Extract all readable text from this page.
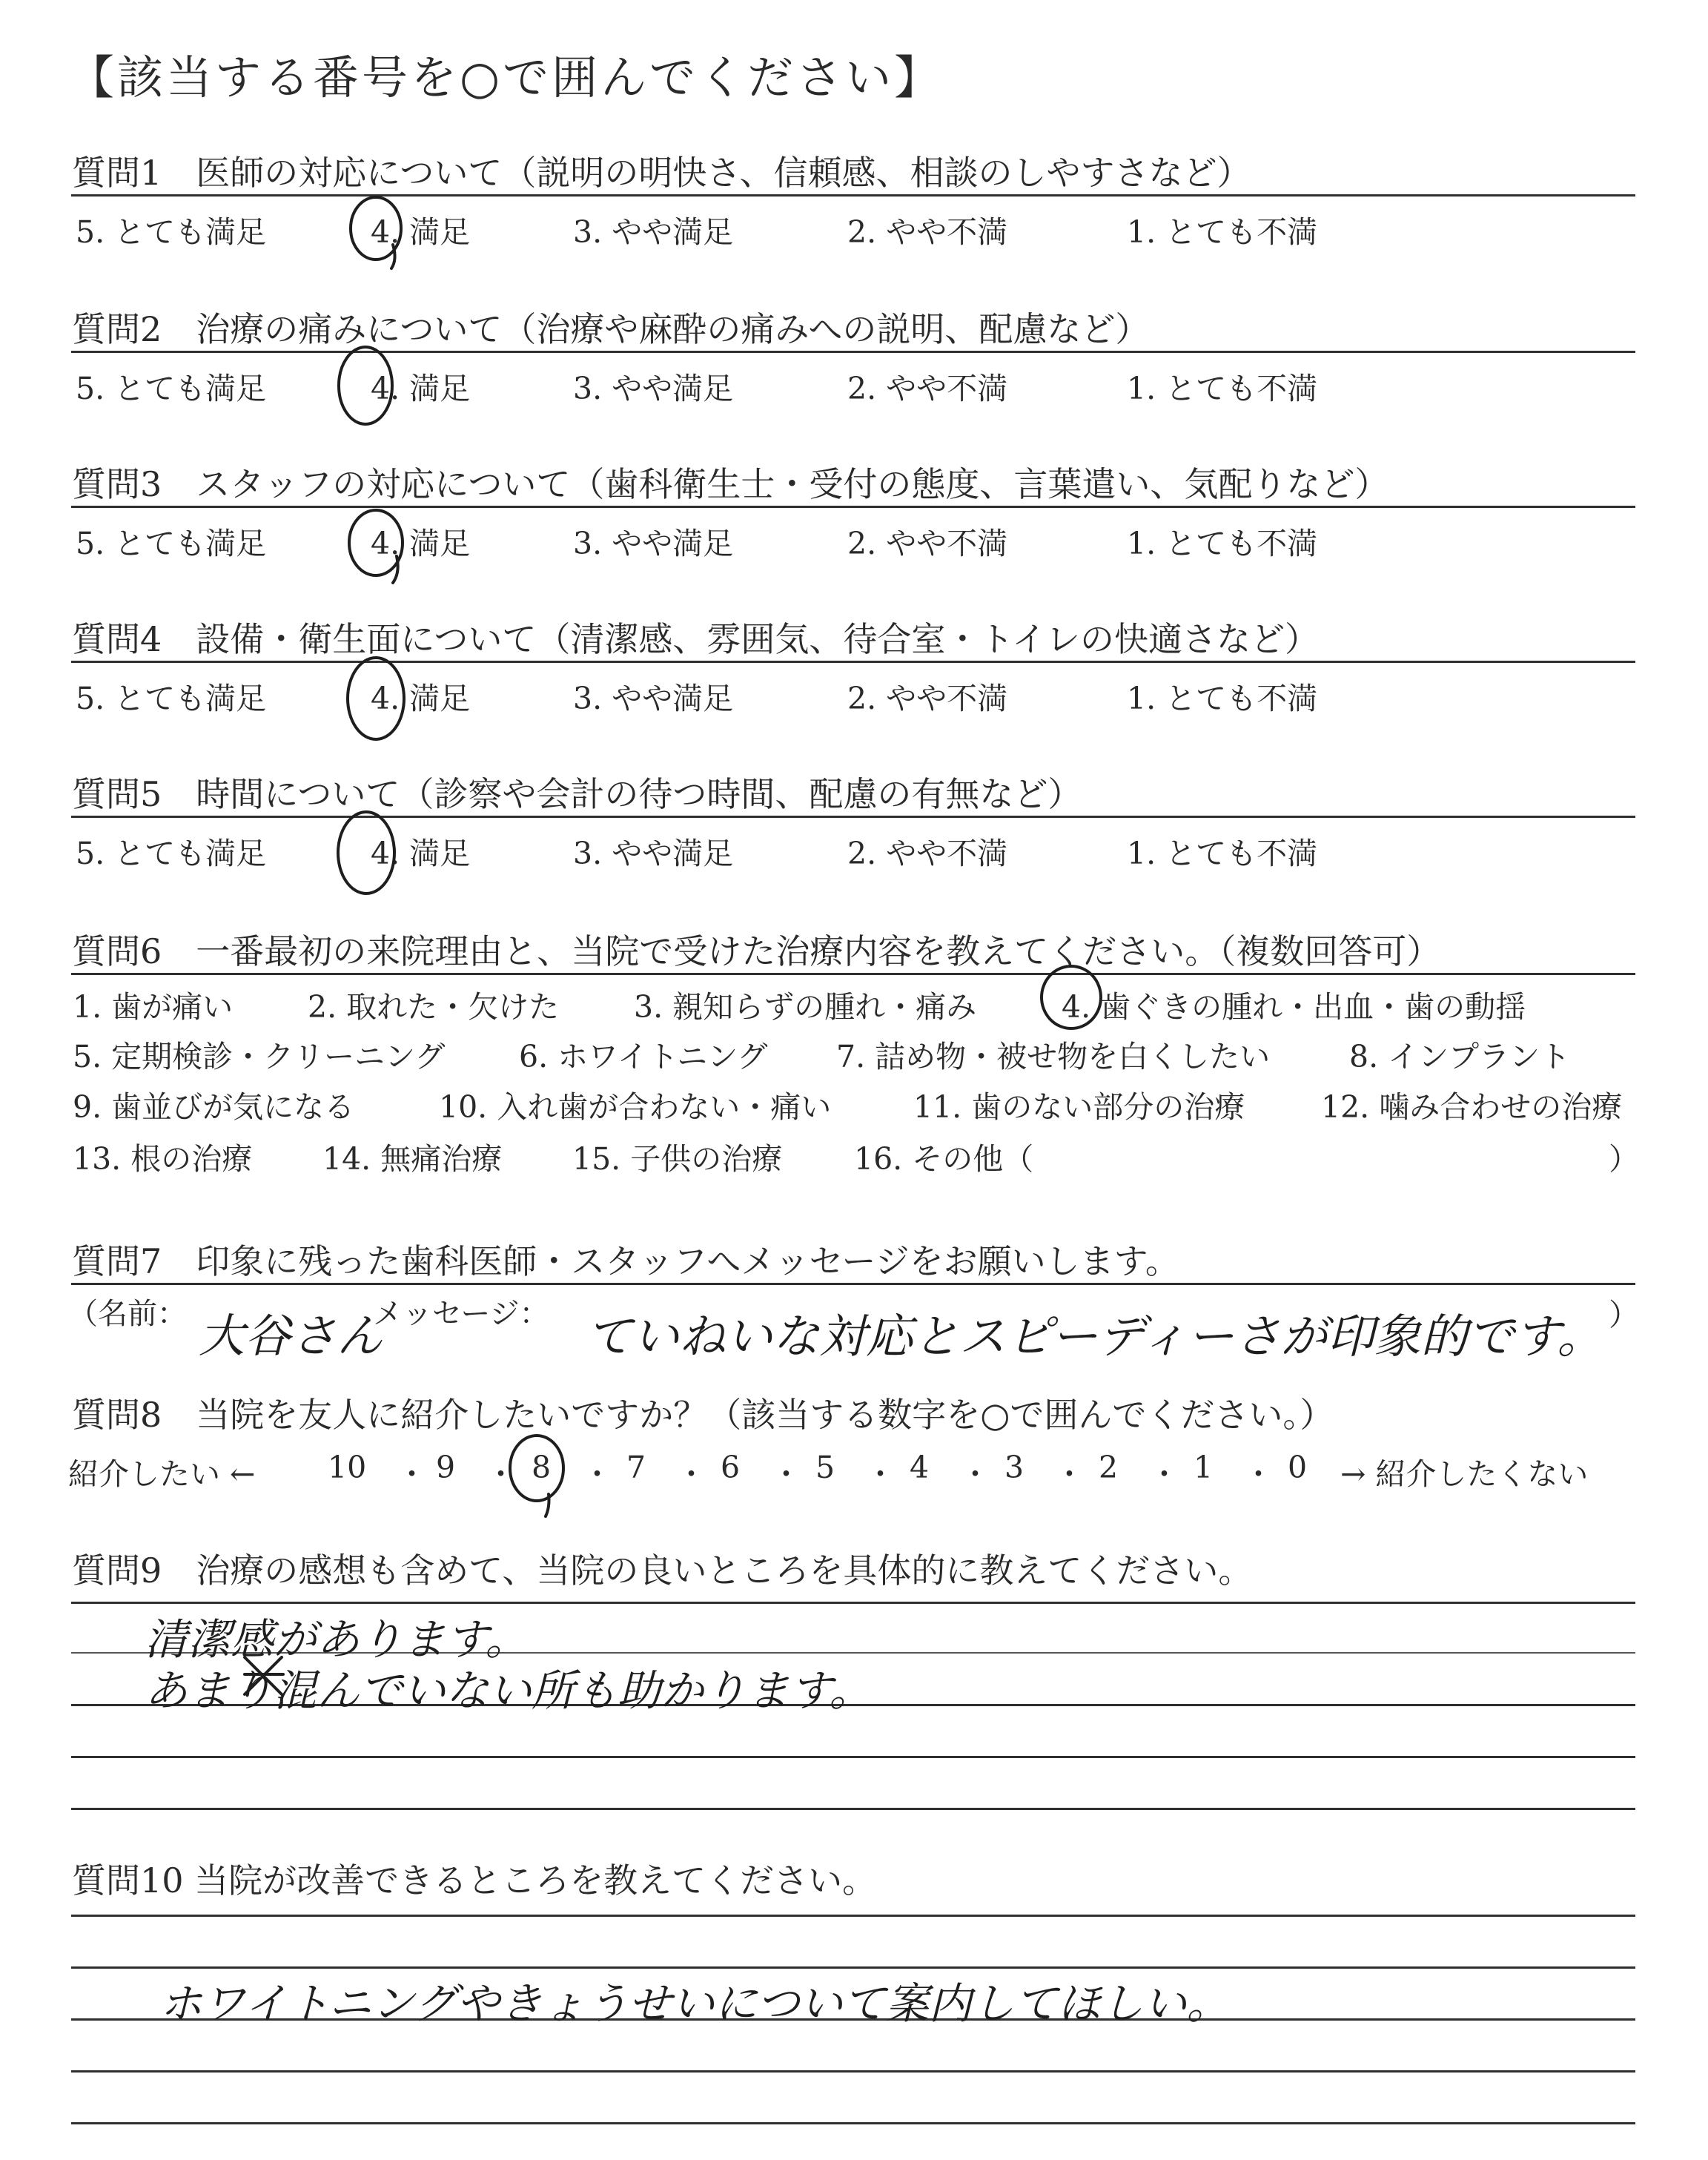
【該当する番号を○で囲んでください】
質問1　医師の対応について（説明の明快さ、信頼感、相談のしやすさなど）
5. とても満足	4. 満足	3. やや満足	2. やや不満	1. とても不満
質問2　治療の痛みについて（治療や麻酔の痛みへの説明、配慮など）
5. とても満足	4. 満足	3. やや満足	2. やや不満	1. とても不満
質問3　スタッフの対応について（歯科衛生士・受付の態度、言葉遣い、気配りなど）
5. とても満足	4. 満足	3. やや満足	2. やや不満	1. とても不満
質問4　設備・衛生面について（清潔感、雰囲気、待合室・トイレの快適さなど）
5. とても満足	4. 満足	3. やや満足	2. やや不満	1. とても不満
質問5　時間について（診察や会計の待つ時間、配慮の有無など）
5. とても満足	4. 満足	3. やや満足	2. やや不満	1. とても不満
質問6　一番最初の来院理由と、当院で受けた治療内容を教えてください。（複数回答可）
1. 歯が痛い 2. 取れた・欠けた 3. 親知らずの腫れ・痛み	4. 歯ぐきの腫れ・出血・歯の動揺
5. 定期検診・クリーニング 6. ホワイトニング 7. 詰め物・被せ物を白くしたい	8. インプラント
9. 歯並びが気になる	10. 入れ歯が合わない・痛い	11. 歯のない部分の治療	12. 噛み合わせの治療
13. 根の治療 14. 無痛治療 15. 子供の治療 16. その他（	）
質問7　印象に残った歯科医師・スタッフへメッセージをお願いします。
（名前： 大谷さん
メッセージ： ていねいな対応とスピーディーさが印象的です。 ）
質問8　当院を友人に紹介したいですか？（該当する数字を○で囲んでください。）
紹介したい ← 10 9	8 7 6 5 4 3 2 1 0 → 紹介したくない
・ ・ ・ ・ ・ ・ ・ ・ ・ ・
質問9　治療の感想も含めて、当院の良いところを具体的に教えてください。
清潔感があります。
あまり混んでいない所も助かります。
質問10 当院が改善できるところを教えてください。
ホワイトニングやきょうせいについて案内してほしい。
